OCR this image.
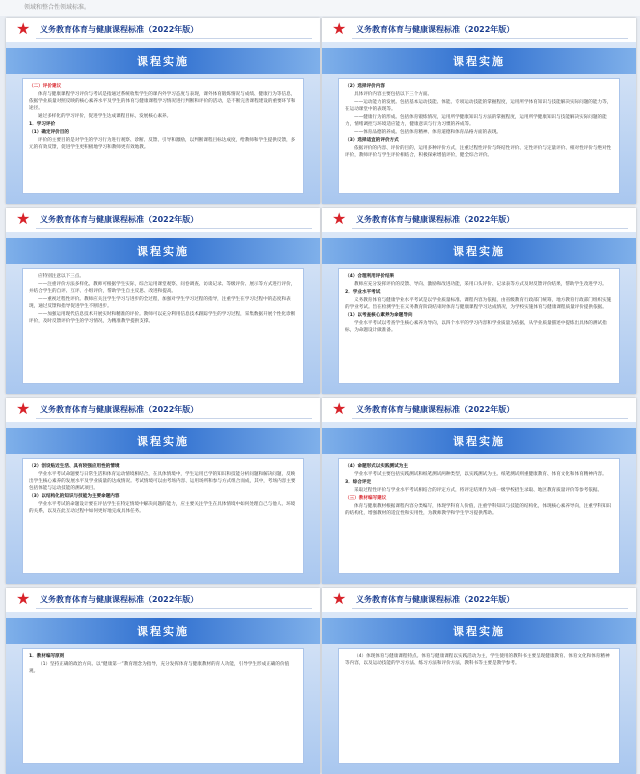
领域和整合性领域标准。
★ 义务教育体育与健康课程标准（2022年版）
课程实施

（二）评价建议

体育与健康课程学习评价与考试是指通过系统收集学生的课内外学习态度与表现，课外体育锻炼情况与成绩、健康行为等信息，依据学业质量对照反映的核心素养水平及学生的体育与健康课程学习情况进行判断和评价的活动，是不断完善课程建设的重要环节和途径。

通过多样化的学习评价，促进学生达成课程目标，发展核心素养。

1．学习评价

（1）确定评价目的

评价的主要目的是对学生的学习行为进行观察、诊断、反馈、引导和激励，以判断课程目标达成度，给教师和学生提供反馈，多元的有效反馈，促进学生更积极地学习和教师更有效地教。

★ 义务教育体育与健康课程标准（2022年版）
课程实施

（2）选择评价内容

具体评价内容主要包括以下三个方面。

——运动能力的发展。包括基本运动技能、体能、专项运动技能的掌握程度，运用所学体育知识与技能解决实际问题的能力等，在运动课堂中的表现等。

——健康行为的形成。包括体育锻炼情况，运用所学健康知识与方法的掌握程度，运用所学健康知识与技能解决实际问题的能力，情绪调控与环境适应能力，健康意识与行为习惯的养成等。

——体育品德的养成。包括体育精神、体育道德和体育品格方面的表现。

（3）选择适宜的评价方式

依据评价的内容、评价的目的，运用多种评价方式，注重过程性评价与终结性评价、定性评价与定量评价、相对性评价与绝对性评价，教师评价与学生评价相结合，积极探索增值评价，健全综合评价。

★ 义务教育体育与健康课程标准（2022年版）
课程实施

应特别注意以下三点。

——注重评价方法多样化。教师可根据学生实际，综合运用课堂观察、问卷调查、访谈记录、等级评价、展示等方式进行评价，并结合学生的自评、互评、小组评价，帮助学生自主反思、改进和提高。

——重视过程性评价。教师应关注学生学习与进步的全过程，加强对学生学习过程的指导，注重学生在学习过程中的态度和表现，通过反馈和指导促进学生不断进步。

——加强运用现代信息技术开展实时和精准的评价。教师可以充分利用信息技术跟踪学生的学习过程，采集数据开展个性化诊断评价，及时反馈评价学生的学习情况，为精准教学提供支撑。

★ 义务教育体育与健康课程标准（2022年版）
课程实施

（4）合理利用评价结果

教师应充分发挥评价的反馈、导向、激励和改进功能，采用口头评价、记录表等方式及时反馈评价结果，帮助学生改进学习。

2．学业水平考试

义务教育体育与健康学业水平考试是以学业质量标准、课程内容为依据，由省级教育行政部门统筹，地方教育行政部门组织实施的学业考试。旨在检测学生在义务教育阶段结束时体育与健康课程学习达成情况，为学校实施体育与健康课程质量评价提供依据。

（1）以考查核心素养为命题导向

学业水平考试以考查学生核心素养为导向，以四个水平的学习内容和学业质量为依据，从学业质量描述中提炼出具体的测试指标，为命题设计做准备。

★ 义务教育体育与健康课程标准（2022年版）
课程实施

（2）创设贴近生活、具有较强应用性的情境

学业水平考试命题要与日常生活和体育运动情境相结合，在具体情境中，学生运用已学的知识和技能分析问题和解决问题，反映出学生核心素养的发展水平及学业质量的达成情况。考试情境可以由考场内容、运用场所和参与方式组合而成，其中，考场内容主要包括体能与运动技能的测试项目。

（3）以结构化的知识与技能为主要命题内容

学业水平考试的命题设计要在评估学生在特定情境中解决问题的能力，应主要关注学生在具体情境中如何处理自己与他人、环境的关系，以及在此互动过程中如何更好地完成具体任务。

★ 义务教育体育与健康课程标准（2022年版）
课程实施

（4）命题形式以实践测试为主

学业水平考试主要包括实践测试和纸笔测试两种类型，以实践测试为主。纸笔测试则重健康教育、体育文化和体育精神内容。

3．综合评定

采取过程性评价与学业水平考试相结合的评定方式，将评定结果作为高一级学校招生录取、地区教育质量评价等参考依据。

（三）教材编写建议

体育与健康教材根据课程内容分类编写，体现学科育人价值，注重学科知识与技能的结构化，体现核心素养导向，注重学科知识的结构化，增强教材的适宜性和实用性，为教师教学和学生学习提供帮助。

★ 义务教育体育与健康课程标准（2022年版）
课程实施

1．教材编写原则

（1）坚持正确的政治方向。以“健康第一”教育理念为指导，充分发挥体育与健康教材的育人功能，引导学生形成正确的价值观。

★ 义务教育体育与健康课程标准（2022年版）
课程实施

（4）体现体育与健康课程特点。体育与健康课程以实践活动为主，学生使用的教科书主要呈现健康教育、体育文化和体育精神等内容，以及运动技能的学习方法、练习方法和评价方法，教科书等主要是教学参考。
